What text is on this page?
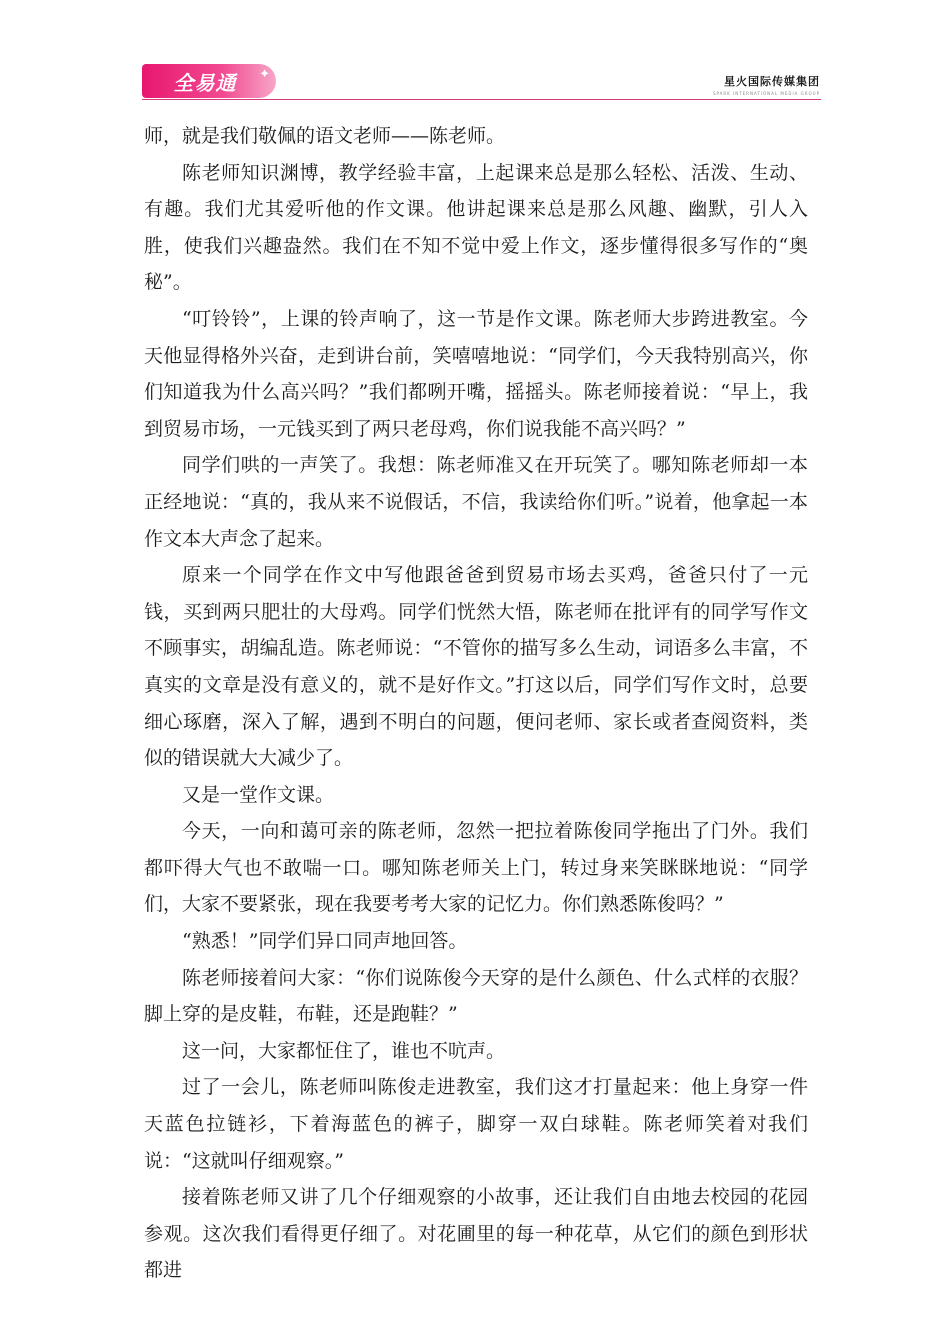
全易通 ✦	星火国际传媒集团
SPARK INTERNATIONAL MEDIA GROUP

师，就是我们敬佩的语文老师——陈老师。

陈老师知识渊博，教学经验丰富，上起课来总是那么轻松、活泼、生动、有趣。我们尤其爱听他的作文课。他讲起课来总是那么风趣、幽默，引人入胜，使我们兴趣盎然。我们在不知不觉中爱上作文，逐步懂得很多写作的“奥秘”。

“叮铃铃”，上课的铃声响了，这一节是作文课。陈老师大步跨进教室。今天他显得格外兴奋，走到讲台前，笑嘻嘻地说：“同学们，今天我特别高兴，你们知道我为什么高兴吗？”我们都咧开嘴，摇摇头。陈老师接着说：“早上，我到贸易市场，一元钱买到了两只老母鸡，你们说我能不高兴吗？”

同学们哄的一声笑了。我想：陈老师准又在开玩笑了。哪知陈老师却一本正经地说：“真的，我从来不说假话，不信，我读给你们听。”说着，他拿起一本作文本大声念了起来。

原来一个同学在作文中写他跟爸爸到贸易市场去买鸡，爸爸只付了一元钱，买到两只肥壮的大母鸡。同学们恍然大悟，陈老师在批评有的同学写作文不顾事实，胡编乱造。陈老师说：“不管你的描写多么生动，词语多么丰富，不真实的文章是没有意义的，就不是好作文。”打这以后，同学们写作文时，总要细心琢磨，深入了解，遇到不明白的问题，便问老师、家长或者查阅资料，类似的错误就大大减少了。

又是一堂作文课。

今天，一向和蔼可亲的陈老师，忽然一把拉着陈俊同学拖出了门外。我们都吓得大气也不敢喘一口。哪知陈老师关上门，转过身来笑眯眯地说：“同学们，大家不要紧张，现在我要考考大家的记忆力。你们熟悉陈俊吗？”

“熟悉！”同学们异口同声地回答。

陈老师接着问大家：“你们说陈俊今天穿的是什么颜色、什么式样的衣服？脚上穿的是皮鞋，布鞋，还是跑鞋？”

这一问，大家都怔住了，谁也不吭声。

过了一会儿，陈老师叫陈俊走进教室，我们这才打量起来：他上身穿一件天蓝色拉链衫，下着海蓝色的裤子，脚穿一双白球鞋。陈老师笑着对我们说：“这就叫仔细观察。”

接着陈老师又讲了几个仔细观察的小故事，还让我们自由地去校园的花园参观。这次我们看得更仔细了。对花圃里的每一种花草，从它们的颜色到形状都进
